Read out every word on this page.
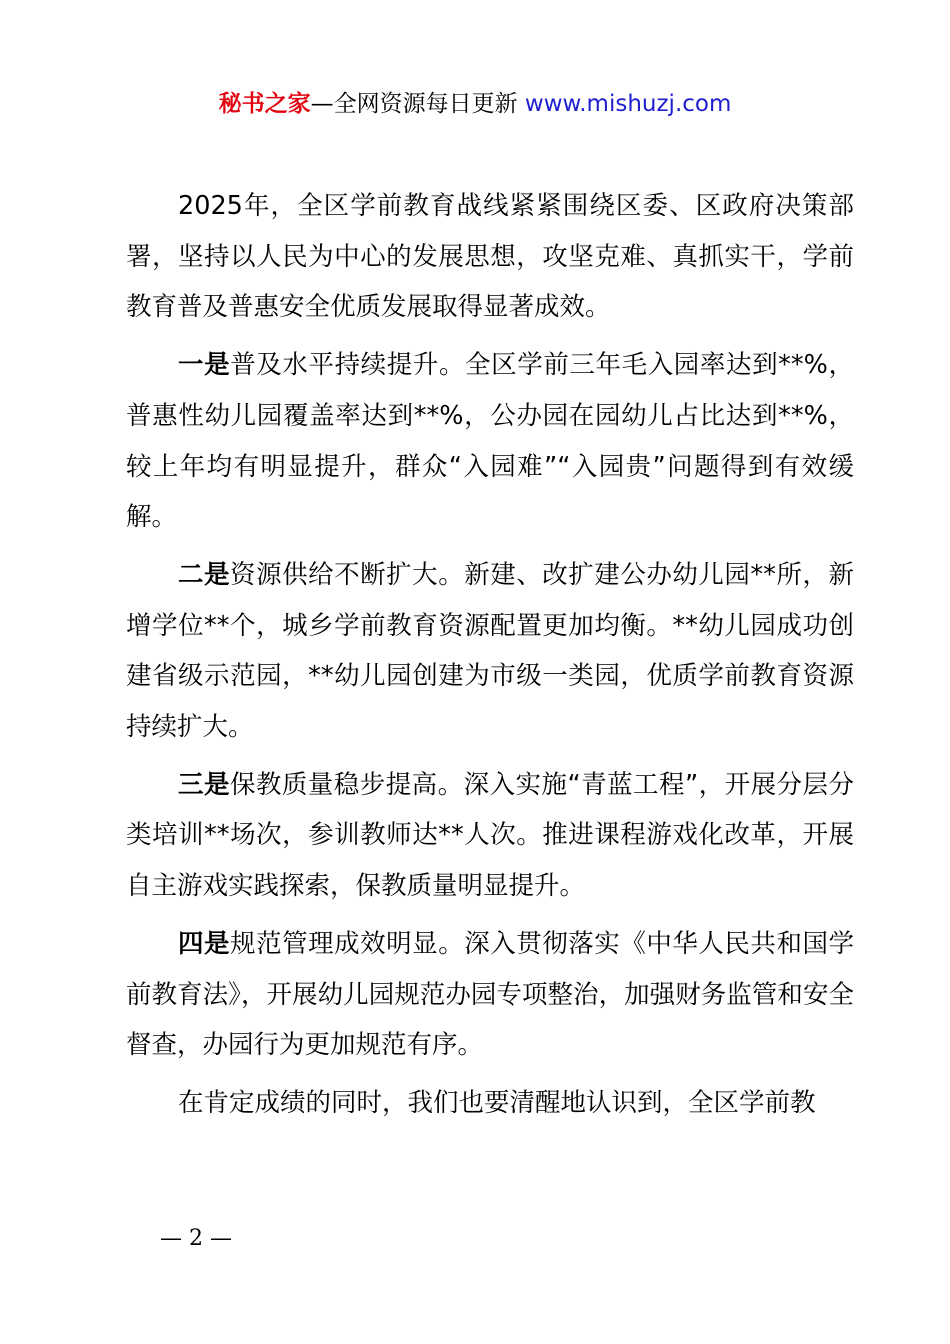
秘书之家—全网资源每日更新 www.mishuzj.com

2025年，全区学前教育战线紧紧围绕区委、区政府决策部署，坚持以人民为中心的发展思想，攻坚克难、真抓实干，学前教育普及普惠安全优质发展取得显著成效。

一是普及水平持续提升。全区学前三年毛入园率达到**%，普惠性幼儿园覆盖率达到**%，公办园在园幼儿占比达到**%，较上年均有明显提升，群众“入园难”“入园贵”问题得到有效缓解。

二是资源供给不断扩大。新建、改扩建公办幼儿园**所，新增学位**个，城乡学前教育资源配置更加均衡。**幼儿园成功创建省级示范园，**幼儿园创建为市级一类园，优质学前教育资源持续扩大。

三是保教质量稳步提高。深入实施“青蓝工程”，开展分层分类培训**场次，参训教师达**人次。推进课程游戏化改革，开展自主游戏实践探索，保教质量明显提升。

四是规范管理成效明显。深入贯彻落实《中华人民共和国学前教育法》，开展幼儿园规范办园专项整治，加强财务监管和安全督查，办园行为更加规范有序。

在肯定成绩的同时，我们也要清醒地认识到，全区学前教

— 2 —
